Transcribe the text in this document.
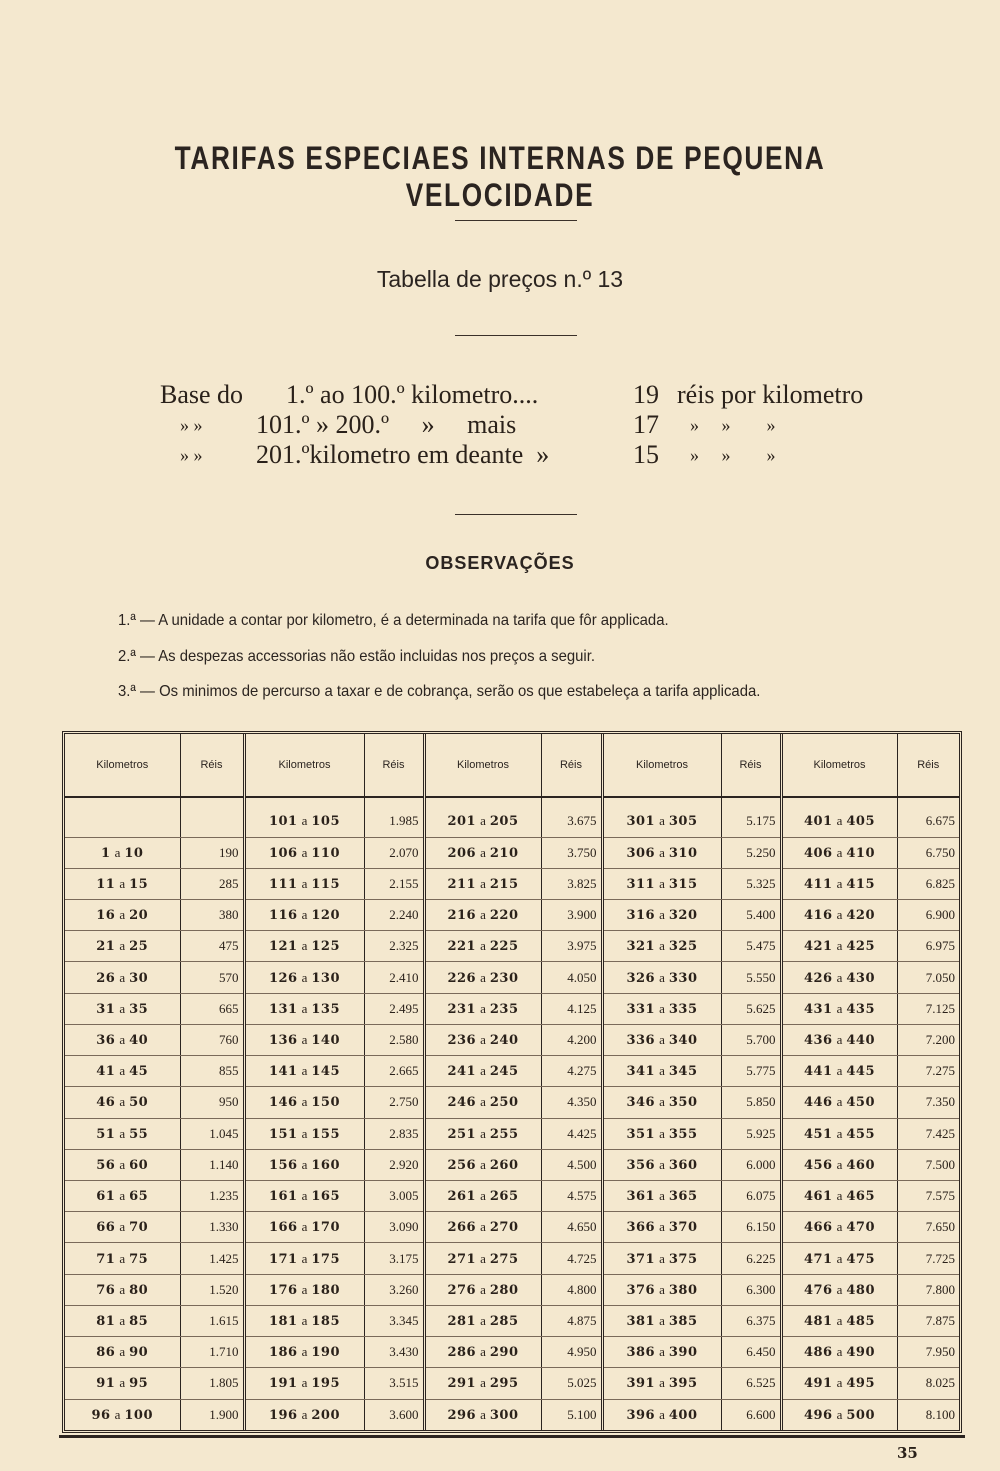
TARIFAS ESPECIAES INTERNAS DE PEQUENA VELOCIDADE
Tabella de preços n.º 13
Base do 1.º ao 100.º kilometro....	19 réis por kilometro
» » 101.º » 200.º     »     mais	17 »     »        »
» » 201.ºkilometro em deante  »	15 »     »        »
OBSERVAÇÕES
1.ª — A unidade a contar por kilometro, é a determinada na tarifa que fôr applicada.
2.ª — As despezas accessorias não estão incluidas nos preços a seguir.
3.ª — Os minimos de percurso a taxar e de cobrança, serão os que estabeleça a tarifa applicada.
Kilometros	Réis	Kilometros	Réis	Kilometros	Réis	Kilometros	Réis	Kilometros	Réis

		101 a 105	1.985	201 a 205	3.675	301 a 305	5.175	401 a 405	6.675
1 a 10	190	106 a 110	2.070	206 a 210	3.750	306 a 310	5.250	406 a 410	6.750
11 a 15	285	111 a 115	2.155	211 a 215	3.825	311 a 315	5.325	411 a 415	6.825
16 a 20	380	116 a 120	2.240	216 a 220	3.900	316 a 320	5.400	416 a 420	6.900
21 a 25	475	121 a 125	2.325	221 a 225	3.975	321 a 325	5.475	421 a 425	6.975
26 a 30	570	126 a 130	2.410	226 a 230	4.050	326 a 330	5.550	426 a 430	7.050
31 a 35	665	131 a 135	2.495	231 a 235	4.125	331 a 335	5.625	431 a 435	7.125
36 a 40	760	136 a 140	2.580	236 a 240	4.200	336 a 340	5.700	436 a 440	7.200
41 a 45	855	141 a 145	2.665	241 a 245	4.275	341 a 345	5.775	441 a 445	7.275
46 a 50	950	146 a 150	2.750	246 a 250	4.350	346 a 350	5.850	446 a 450	7.350
51 a 55	1.045	151 a 155	2.835	251 a 255	4.425	351 a 355	5.925	451 a 455	7.425
56 a 60	1.140	156 a 160	2.920	256 a 260	4.500	356 a 360	6.000	456 a 460	7.500
61 a 65	1.235	161 a 165	3.005	261 a 265	4.575	361 a 365	6.075	461 a 465	7.575
66 a 70	1.330	166 a 170	3.090	266 a 270	4.650	366 a 370	6.150	466 a 470	7.650
71 a 75	1.425	171 a 175	3.175	271 a 275	4.725	371 a 375	6.225	471 a 475	7.725
76 a 80	1.520	176 a 180	3.260	276 a 280	4.800	376 a 380	6.300	476 a 480	7.800
81 a 85	1.615	181 a 185	3.345	281 a 285	4.875	381 a 385	6.375	481 a 485	7.875
86 a 90	1.710	186 a 190	3.430	286 a 290	4.950	386 a 390	6.450	486 a 490	7.950
91 a 95	1.805	191 a 195	3.515	291 a 295	5.025	391 a 395	6.525	491 a 495	8.025
96 a 100	1.900	196 a 200	3.600	296 a 300	5.100	396 a 400	6.600	496 a 500	8.100
35
